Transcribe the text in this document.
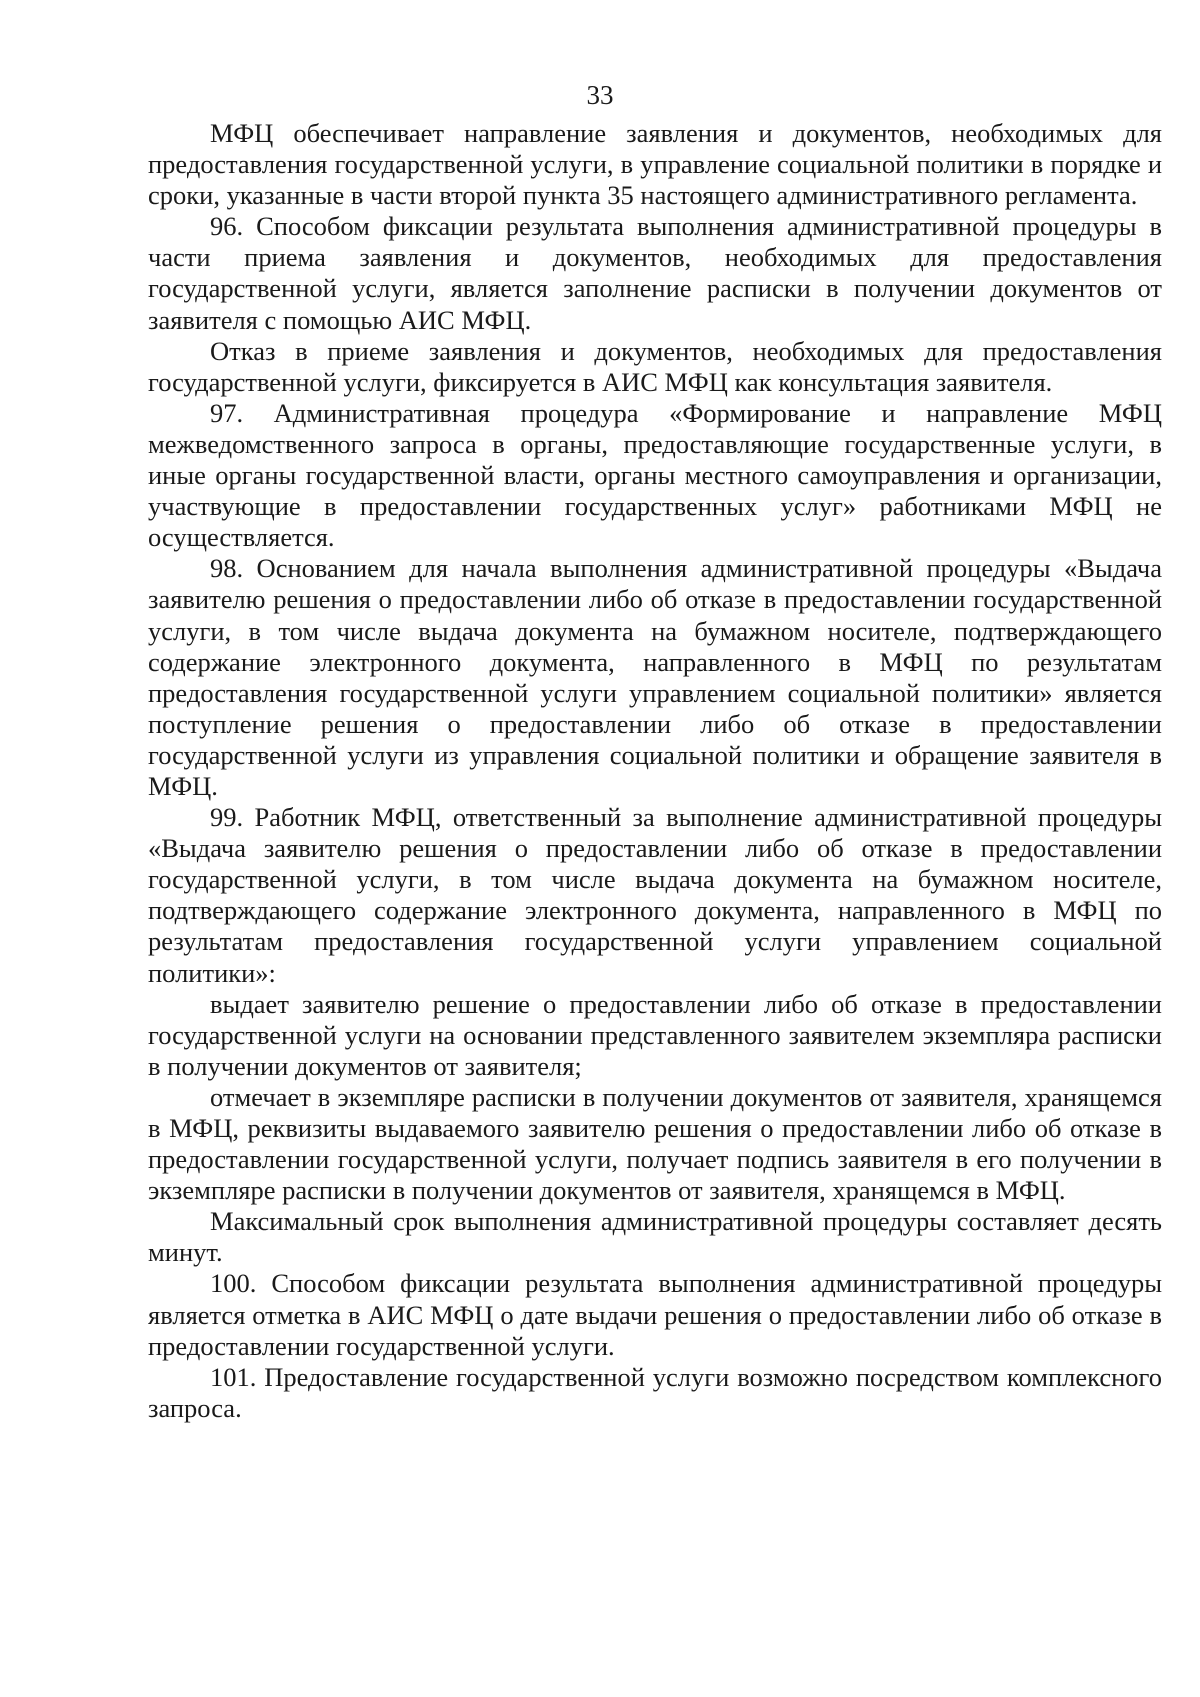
33

МФЦ обеспечивает направление заявления и документов, необходимых для предоставления государственной услуги, в управление социальной политики в порядке и сроки, указанные в части второй пункта 35 настоящего административного регламента.

96. Способом фиксации результата выполнения административной процедуры в части приема заявления и документов, необходимых для предоставления государственной услуги, является заполнение расписки в получении документов от заявителя с помощью АИС МФЦ.

Отказ в приеме заявления и документов, необходимых для предоставления государственной услуги, фиксируется в АИС МФЦ как консультация заявителя.

97. Административная процедура «Формирование и направление МФЦ межведомственного запроса в органы, предоставляющие государственные услуги, в иные органы государственной власти, органы местного самоуправления и организации, участвующие в предоставлении государственных услуг» работниками МФЦ не осуществляется.

98. Основанием для начала выполнения административной процедуры «Выдача заявителю решения о предоставлении либо об отказе в предоставлении государственной услуги, в том числе выдача документа на бумажном носителе, подтверждающего содержание электронного документа, направленного в МФЦ по результатам предоставления государственной услуги управлением социальной политики» является поступление решения о предоставлении либо об отказе в предоставлении государственной услуги из управления социальной политики и обращение заявителя в МФЦ.

99. Работник МФЦ, ответственный за выполнение административной процедуры «Выдача заявителю решения о предоставлении либо об отказе в предоставлении государственной услуги, в том числе выдача документа на бумажном носителе, подтверждающего содержание электронного документа, направленного в МФЦ по результатам предоставления государственной услуги управлением социальной политики»:

выдает заявителю решение о предоставлении либо об отказе в предоставлении государственной услуги на основании представленного заявителем экземпляра расписки в получении документов от заявителя;

отмечает в экземпляре расписки в получении документов от заявителя, хранящемся в МФЦ, реквизиты выдаваемого заявителю решения о предоставлении либо об отказе в предоставлении государственной услуги, получает подпись заявителя в его получении в экземпляре расписки в получении документов от заявителя, хранящемся в МФЦ.

Максимальный срок выполнения административной процедуры составляет десять минут.

100. Способом фиксации результата выполнения административной процедуры является отметка в АИС МФЦ о дате выдачи решения о предоставлении либо об отказе в предоставлении государственной услуги.

101. Предоставление государственной услуги возможно посредством комплексного запроса.
